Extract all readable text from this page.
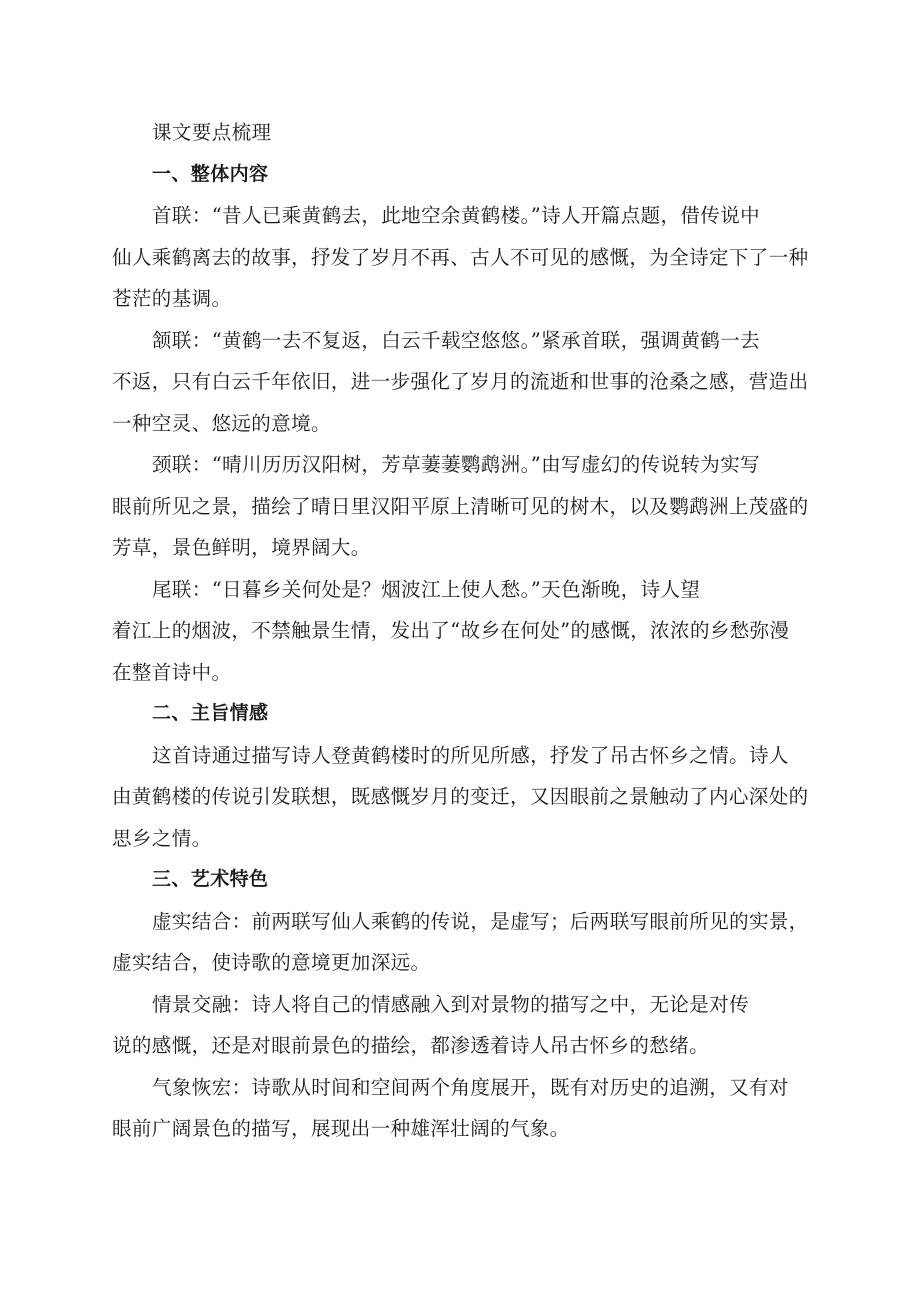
课文要点梳理

一、整体内容

首联：“昔人已乘黄鹤去，此地空余黄鹤楼。”诗人开篇点题，借传说中

仙人乘鹤离去的故事，抒发了岁月不再、古人不可见的感慨，为全诗定下了一种

苍茫的基调。

颔联：“黄鹤一去不复返，白云千载空悠悠。”紧承首联，强调黄鹤一去

不返，只有白云千年依旧，进一步强化了岁月的流逝和世事的沧桑之感，营造出

一种空灵、悠远的意境。

颈联：“晴川历历汉阳树，芳草萋萋鹦鹉洲。”由写虚幻的传说转为实写

眼前所见之景，描绘了晴日里汉阳平原上清晰可见的树木，以及鹦鹉洲上茂盛的

芳草，景色鲜明，境界阔大。

尾联：“日暮乡关何处是？烟波江上使人愁。”天色渐晚，诗人望

着江上的烟波，不禁触景生情，发出了“故乡在何处”的感慨，浓浓的乡愁弥漫

在整首诗中。

二、主旨情感

这首诗通过描写诗人登黄鹤楼时的所见所感，抒发了吊古怀乡之情。诗人

由黄鹤楼的传说引发联想，既感慨岁月的变迁，又因眼前之景触动了内心深处的

思乡之情。

三、艺术特色

虚实结合：前两联写仙人乘鹤的传说，是虚写；后两联写眼前所见的实景，

虚实结合，使诗歌的意境更加深远。

情景交融：诗人将自己的情感融入到对景物的描写之中，无论是对传

说的感慨，还是对眼前景色的描绘，都渗透着诗人吊古怀乡的愁绪。

气象恢宏：诗歌从时间和空间两个角度展开，既有对历史的追溯，又有对

眼前广阔景色的描写，展现出一种雄浑壮阔的气象。
